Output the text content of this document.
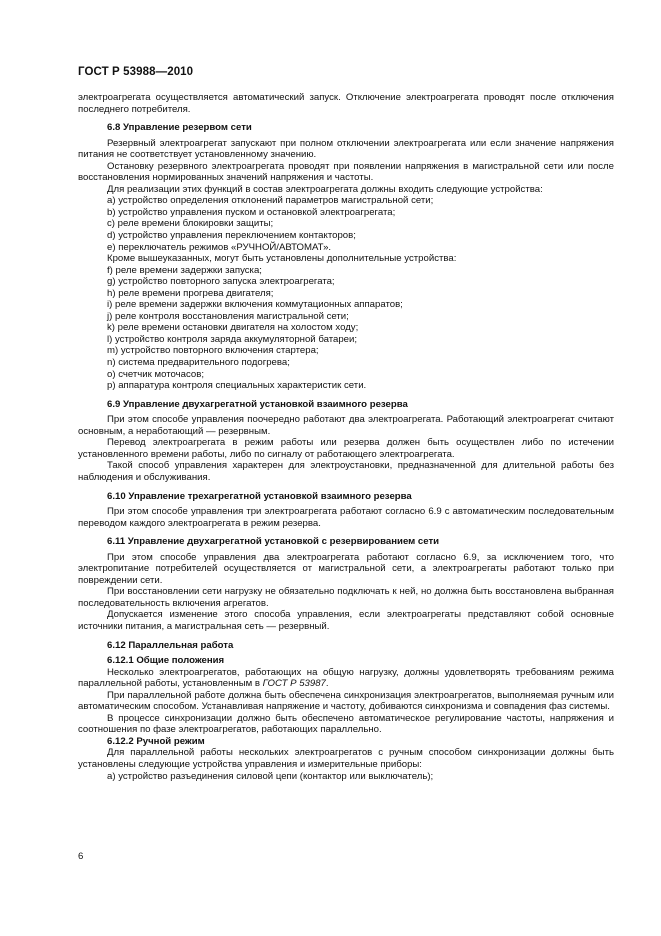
ГОСТ Р 53988—2010

электроагрегата осуществляется автоматический запуск. Отключение электроагрегата проводят после отключения последнего потребителя.

6.8 Управление резервом сети

Резервный электроагрегат запускают при полном отключении электроагрегата или если значение напряжения питания не соответствует установленному значению.

Остановку резервного электроагрегата проводят при появлении напряжения в магистральной сети или после восстановления нормированных значений напряжения и частоты.

Для реализации этих функций в состав электроагрегата должны входить следующие устройства:

а) устройство определения отклонений параметров магистральной сети;

b) устройство управления пуском и остановкой электроагрегата;

c) реле времени блокировки защиты;

d) устройство управления переключением контакторов;

e) переключатель режимов «РУЧНОЙ/АВТОМАТ».

Кроме вышеуказанных, могут быть установлены дополнительные устройства:

f) реле времени задержки запуска;

g) устройство повторного запуска электроагрегата;

h) реле времени прогрева двигателя;

i) реле времени задержки включения коммутационных аппаратов;

j) реле контроля восстановления магистральной сети;

k) реле времени остановки двигателя на холостом ходу;

l) устройство контроля заряда аккумуляторной батареи;

m) устройство повторного включения стартера;

n) система предварительного подогрева;

o) счетчик моточасов;

p) аппаратура контроля специальных характеристик сети.

6.9 Управление двухагрегатной установкой взаимного резерва

При этом способе управления поочередно работают два электроагрегата. Работающий электроагрегат считают основным, а неработающий — резервным.

Перевод электроагрегата в режим работы или резерва должен быть осуществлен либо по истечении установленного времени работы, либо по сигналу от работающего электроагрегата.

Такой способ управления характерен для электроустановки, предназначенной для длительной работы без наблюдения и обслуживания.

6.10 Управление трехагрегатной установкой взаимного резерва

При этом способе управления три электроагрегата работают согласно 6.9 с автоматическим последовательным переводом каждого электроагрегата в режим резерва.

6.11 Управление двухагрегатной установкой с резервированием сети

При этом способе управления два электроагрегата работают согласно 6.9, за исключением того, что электропитание потребителей осуществляется от магистральной сети, а электроагрегаты работают только при повреждении сети.

При восстановлении сети нагрузку не обязательно подключать к ней, но должна быть восстановлена выбранная последовательность включения агрегатов.

Допускается изменение этого способа управления, если электроагрегаты представляют собой основные источники питания, а магистральная сеть — резервный.

6.12 Параллельная работа

6.12.1 Общие положения

Несколько электроагрегатов, работающих на общую нагрузку, должны удовлетворять требованиям режима параллельной работы, установленным в ГОСТ Р 53987.

При параллельной работе должна быть обеспечена синхронизация электроагрегатов, выполняемая ручным или автоматическим способом. Устанавливая напряжение и частоту, добиваются синхронизма и совпадения фаз системы.

В процессе синхронизации должно быть обеспечено автоматическое регулирование частоты, напряжения и соотношения по фазе электроагрегатов, работающих параллельно.

6.12.2 Ручной режим

Для параллельной работы нескольких электроагрегатов с ручным способом синхронизации должны быть установлены следующие устройства управления и измерительные приборы:

а) устройство разъединения силовой цепи (контактор или выключатель);

6
